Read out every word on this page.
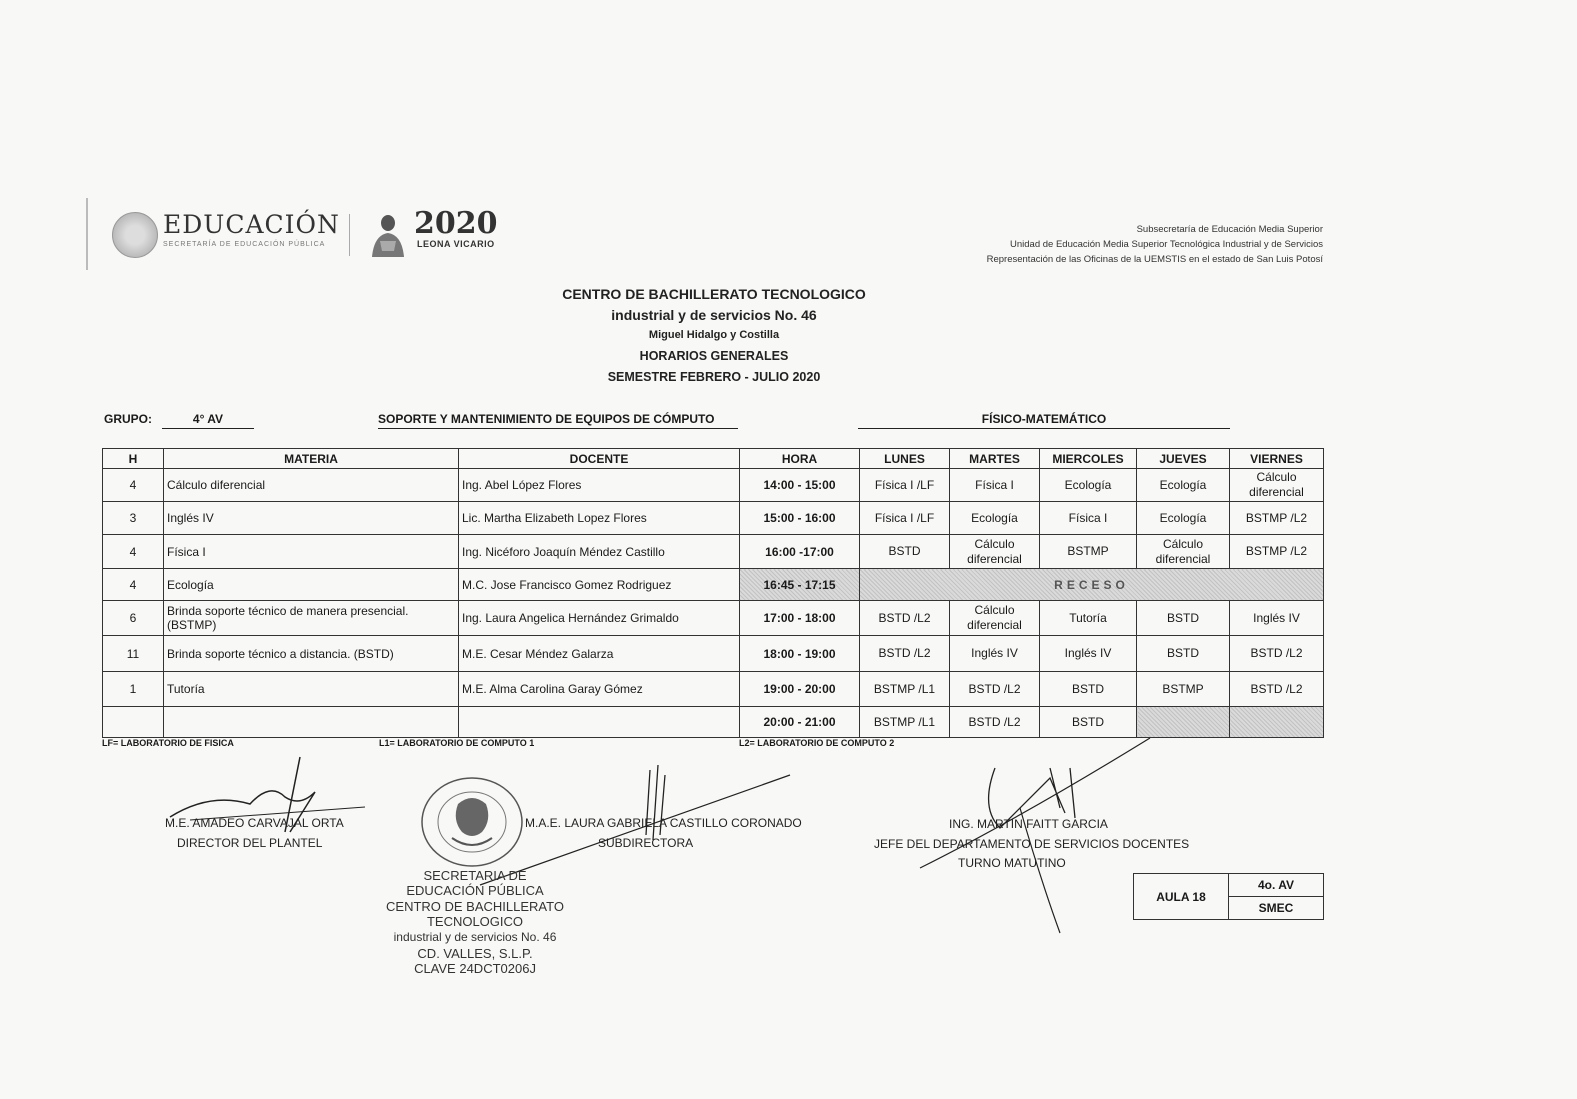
EDUCACIÓN
SECRETARÍA DE EDUCACIÓN PÚBLICA
2020
LEONA VICARIO
Subsecretaría de Educación Media Superior
Unidad de Educación Media Superior Tecnológica Industrial y de Servicios
Representación de las Oficinas de la UEMSTIS en el estado de San Luis Potosí
CENTRO DE BACHILLERATO TECNOLOGICO
industrial y de servicios No. 46
Miguel Hidalgo y Costilla
HORARIOS GENERALES
SEMESTRE FEBRERO - JULIO 2020
GRUPO:	4° AV	SOPORTE Y MANTENIMIENTO DE EQUIPOS DE CÓMPUTO	FÍSICO-MATEMÁTICO
H	MATERIA	DOCENTE	HORA	LUNES	MARTES	MIERCOLES	JUEVES	VIERNES
4	Cálculo diferencial	Ing. Abel López Flores	14:00 - 15:00	Física I /LF	Física I	Ecología	Ecología	Cálculo diferencial
3	Inglés IV	Lic. Martha Elizabeth Lopez Flores	15:00 - 16:00	Física I /LF	Ecología	Física I	Ecología	BSTMP /L2
4	Física I	Ing. Nicéforo Joaquín Méndez Castillo	16:00 -17:00	BSTD	Cálculo diferencial	BSTMP	Cálculo diferencial	BSTMP /L2
4	Ecología	M.C. Jose Francisco Gomez Rodriguez	16:45 - 17:15	RECESO				
6	Brinda soporte técnico de manera presencial. (BSTMP)	Ing. Laura Angelica Hernández Grimaldo	17:00 - 18:00	BSTD /L2	Cálculo diferencial	Tutoría	BSTD	Inglés IV
11	Brinda soporte técnico a distancia. (BSTD)	M.E. Cesar Méndez Galarza	18:00 - 19:00	BSTD /L2	Inglés IV	Inglés IV	BSTD	BSTD /L2
1	Tutoría	M.E. Alma Carolina Garay Gómez	19:00 - 20:00	BSTMP /L1	BSTD /L2	BSTD	BSTMP	BSTD /L2
			20:00 - 21:00	BSTMP /L1	BSTD /L2	BSTD		
LF= LABORATORIO DE FISICA	L1= LABORATORIO DE COMPUTO 1	L2= LABORATORIO DE COMPUTO 2
M.E. AMADEO CARVAJAL ORTA
DIRECTOR DEL PLANTEL
M.A.E. LAURA GABRIELA CASTILLO CORONADO
SUBDIRECTORA
SECRETARIA DE
EDUCACIÓN PÚBLICA
CENTRO DE BACHILLERATO
TECNOLOGICO
industrial y de servicios No. 46
CD. VALLES, S.L.P.
CLAVE 24DCT0206J
ING. MARTIN FAITT GARCIA
JEFE DEL DEPARTAMENTO DE SERVICIOS DOCENTES
TURNO MATUTINO
AULA 18	4o. AV
SMEC
